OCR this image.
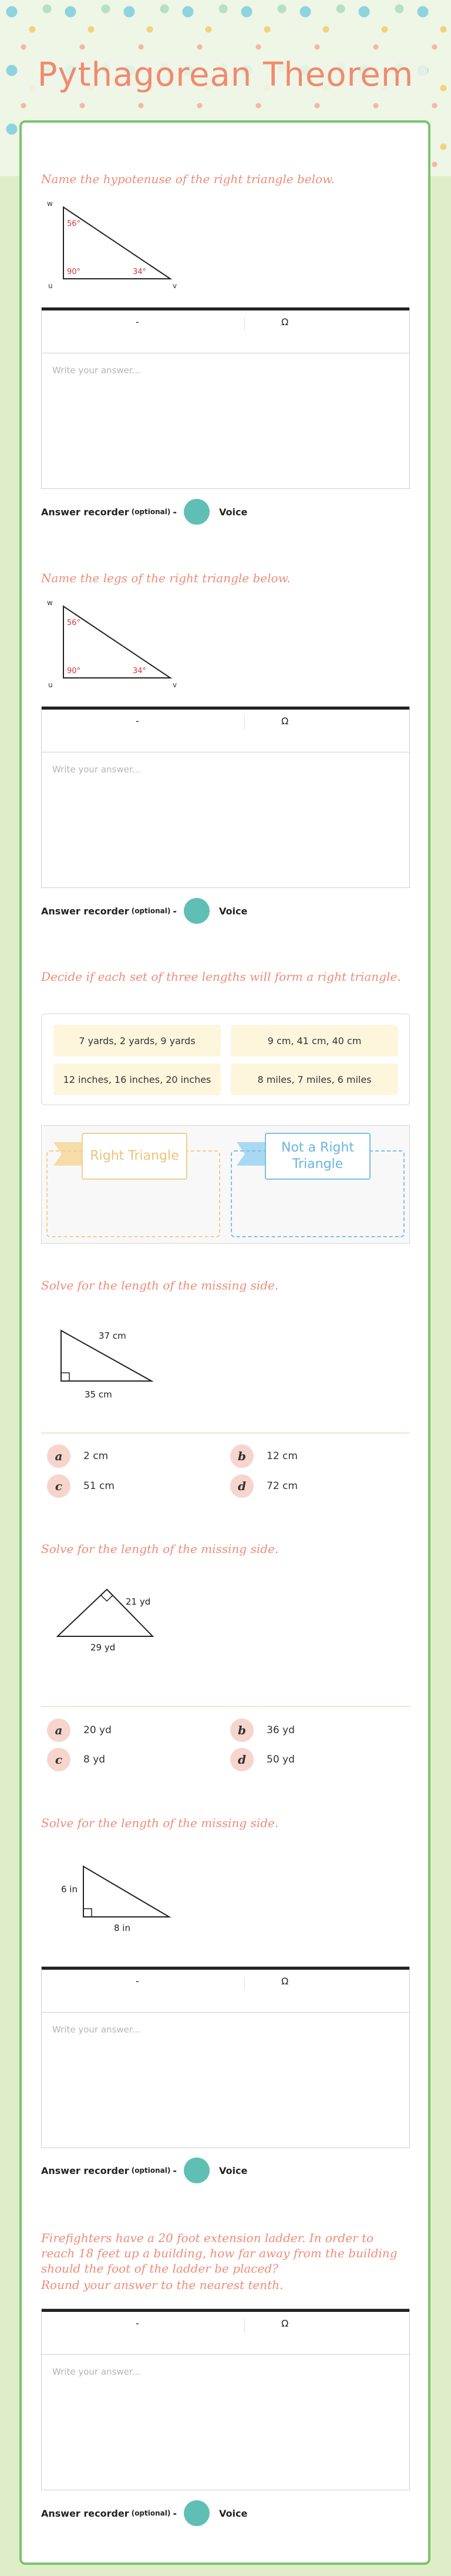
Pythagorean Theorem
Name the hypotenuse of the right triangle below.
w
u	v
56°
90°	34°
-	Ω
Write your answer...
Answer recorder (optional) -	Voice
Name the legs of the right triangle below.
w
u	v
56°
90°	34°
-	Ω
Write your answer...
Answer recorder (optional) -	Voice
Decide if each set of three lengths will form a right triangle.
7 yards, 2 yards, 9 yards	9 cm, 41 cm, 40 cm
12 inches, 16 inches, 20 inches	8 miles, 7 miles, 6 miles
Right Triangle
Not a Right Triangle
Solve for the length of the missing side.
37 cm
35 cm
a	2 cm	b	12 cm
c	51 cm	d	72 cm
Solve for the length of the missing side.
21 yd
29 yd
a	20 yd	b	36 yd
c	8 yd	d	50 yd
Solve for the length of the missing side.
6 in
8 in
-	Ω
Write your answer...
Answer recorder (optional) -	Voice
Firefighters have a 20 foot extension ladder. In order to reach 18 feet up a building, how far away from the building should the foot of the ladder be placed?
Round your answer to the nearest tenth.
-	Ω
Write your answer...
Answer recorder (optional) -	Voice
